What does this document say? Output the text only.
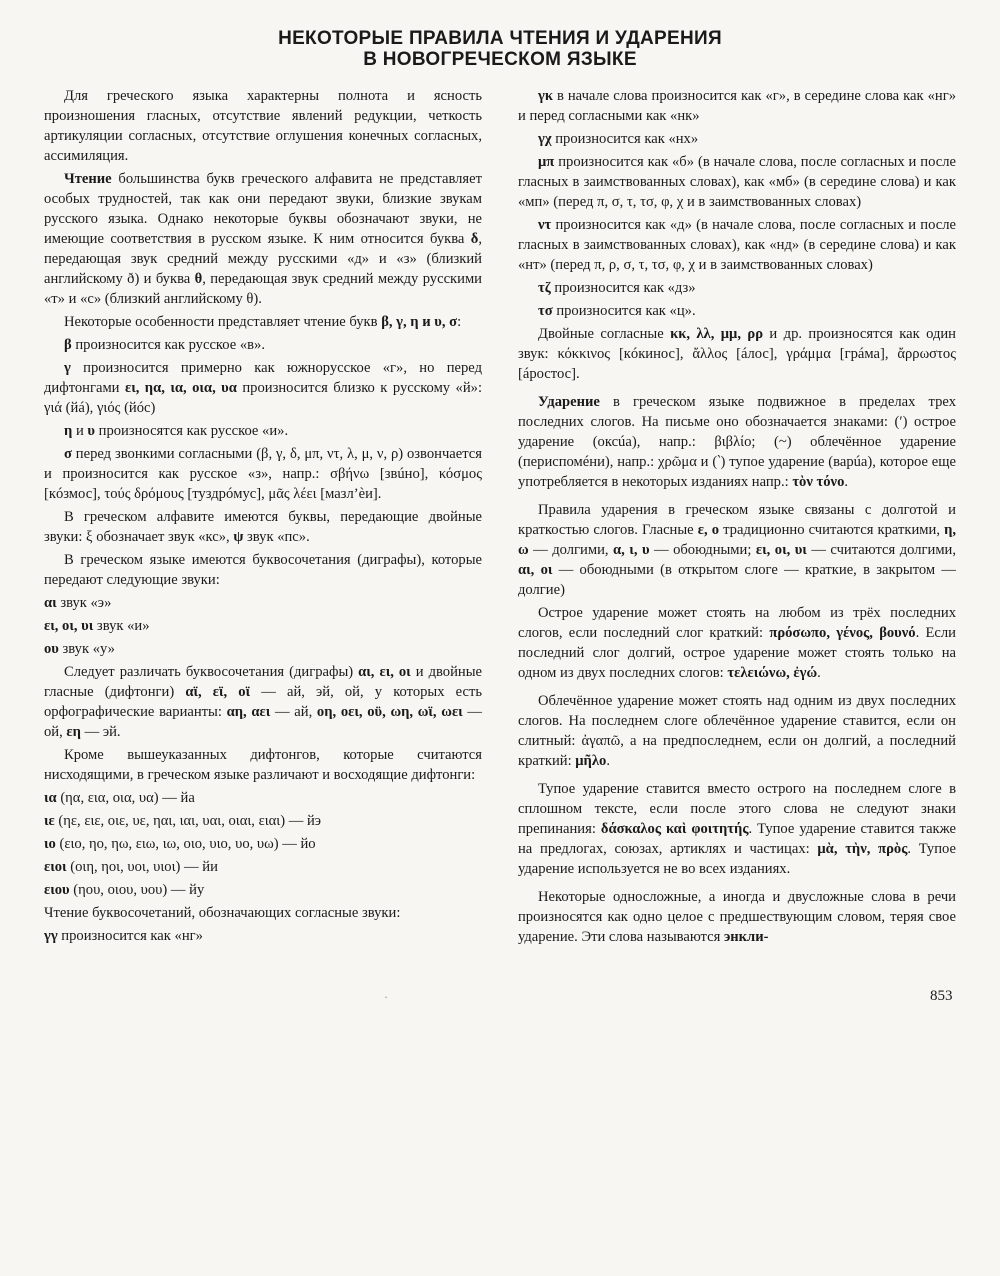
НЕКОТОРЫЕ ПРАВИЛА ЧТЕНИЯ И УДАРЕНИЯ
В НОВОГРЕЧЕСКОМ ЯЗЫКЕ

Для греческого языка характерны полнота и ясность произношения гласных, отсутствие явлений редукции, четкость артикуляции согласных, отсутствие оглушения конечных согласных, ассимиляция.

Чтение большинства букв греческого алфавита не представляет особых трудностей, так как они передают звуки, близкие звукам русского языка. Однако некоторые буквы обозначают звуки, не имеющие соответствия в русском языке. К ним относится буква δ, передающая звук средний между русскими «д» и «з» (близкий английскому ð) и буква θ, передающая звук средний между русскими «т» и «с» (близкий английскому θ).

Некоторые особенности представляет чтение букв β, γ, η и υ, σ:

β произносится как русское «в».

γ произносится примерно как южнорусское «г», но перед дифтонгами ει, ηα, ια, οια, υα произносится близко к русскому «й»: γιά (йá), γιός (йóс)

η и υ произносятся как русское «и».

σ перед звонкими согласными (β, γ, δ, μπ, ντ, λ, μ, ν, ρ) озвончается и произносится как русское «з», напр.: σβήνω [звúно], κόσμος [кóзмос], τούς δρόμους [туздрóмус], μᾶς λέει [мазл’ѐи].

В греческом алфавите имеются буквы, передающие двойные звуки: ξ обозначает звук «кс», ψ звук «пс».

В греческом языке имеются буквосочетания (диграфы), которые передают следующие звуки:

αι звук «э»

ει, οι, υι звук «и»

ου звук «у»

Следует различать буквосочетания (диграфы) αι, ει, οι и двойные гласные (дифтонги) αϊ, εϊ, οϊ — ай, эй, ой, у которых есть орфографические варианты: αη, αει — ай, οη, οει, οϋ, ωη, ωϊ, ωει — ой, εη — эй.

Кроме вышеуказанных дифтонгов, которые считаются нисходящими, в греческом языке различают и восходящие дифтонги:

ια (ηα, εια, οια, υα) — йа

ιε (ηε, ειε, οιε, υε, ηαι, ιαι, υαι, οιαι, ειαι) — йэ

ιο (ειο, ηο, ηω, ειω, ιω, οιο, υιο, υο, υω) — йо

ειοι (οιη, ηοι, υοι, υιοι) — йи

ειου (ηου, οιου, υου) — йу

Чтение буквосочетаний, обозначающих согласные звуки:

γγ произносится как «нг»

γκ в начале слова произносится как «г», в середине слова как «нг» и перед согласными как «нк»

γχ произносится как «нх»

μπ произносится как «б» (в начале слова, после согласных и после гласных в заимствованных словах), как «мб» (в середине слова) и как «мп» (перед π, σ, τ, τσ, φ, χ и в заимствованных словах)

ντ произносится как «д» (в начале слова, после согласных и после гласных в заимствованных словах), как «нд» (в середине слова) и как «нт» (перед π, ρ, σ, τ, τσ, φ, χ и в заимствованных словах)

τζ произносится как «дз»

τσ произносится как «ц».

Двойные согласные κκ, λλ, μμ, ρρ и др. произносятся как один звук: κόκκινος [кóкинос], ἄλλος [áлос], γράμμα [грáма], ἄρρωστος [áростос].

Ударение в греческом языке подвижное в пределах трех последних слогов. На письме оно обозначается знаками: (′) острое ударение (оксúа), напр.: βιβλίο; (~) облечённое ударение (периспомéни), напр.: χρῶμα и (‵) тупое ударение (варúа), которое еще употребляется в некоторых изданиях напр.: τὸν τόνο.

Правила ударения в греческом языке связаны с долготой и краткостью слогов. Гласные ε, ο традиционно считаются краткими, η, ω — долгими, α, ι, υ — обоюдными; ει, οι, υι — считаются долгими, αι, οι — обоюдными (в открытом слоге — краткие, в закрытом — долгие)

Острое ударение может стоять на любом из трёх последних слогов, если последний слог краткий: πρόσωπο, γένος, βουνό. Если последний слог долгий, острое ударение может стоять только на одном из двух последних слогов: τελειώνω, ἐγώ.

Облечённое ударение может стоять над одним из двух последних слогов. На последнем слоге облечённое ударение ставится, если он слитный: ἀγαπῶ, а на предпоследнем, если он долгий, а последний краткий: μῆλο.

Тупое ударение ставится вместо острого на последнем слоге в сплошном тексте, если после этого слова не следуют знаки препинания: δάσκαλος καὶ φοιτητής. Тупое ударение ставится также на предлогах, союзах, артиклях и частицах: μὰ, τὴν, πρὸς. Тупое ударение используется не во всех изданиях.

Некоторые односложные, а иногда и двусложные слова в речи произносятся как одно целое с предшествующим словом, теряя свое ударение. Эти слова называются энкли-

·	853
